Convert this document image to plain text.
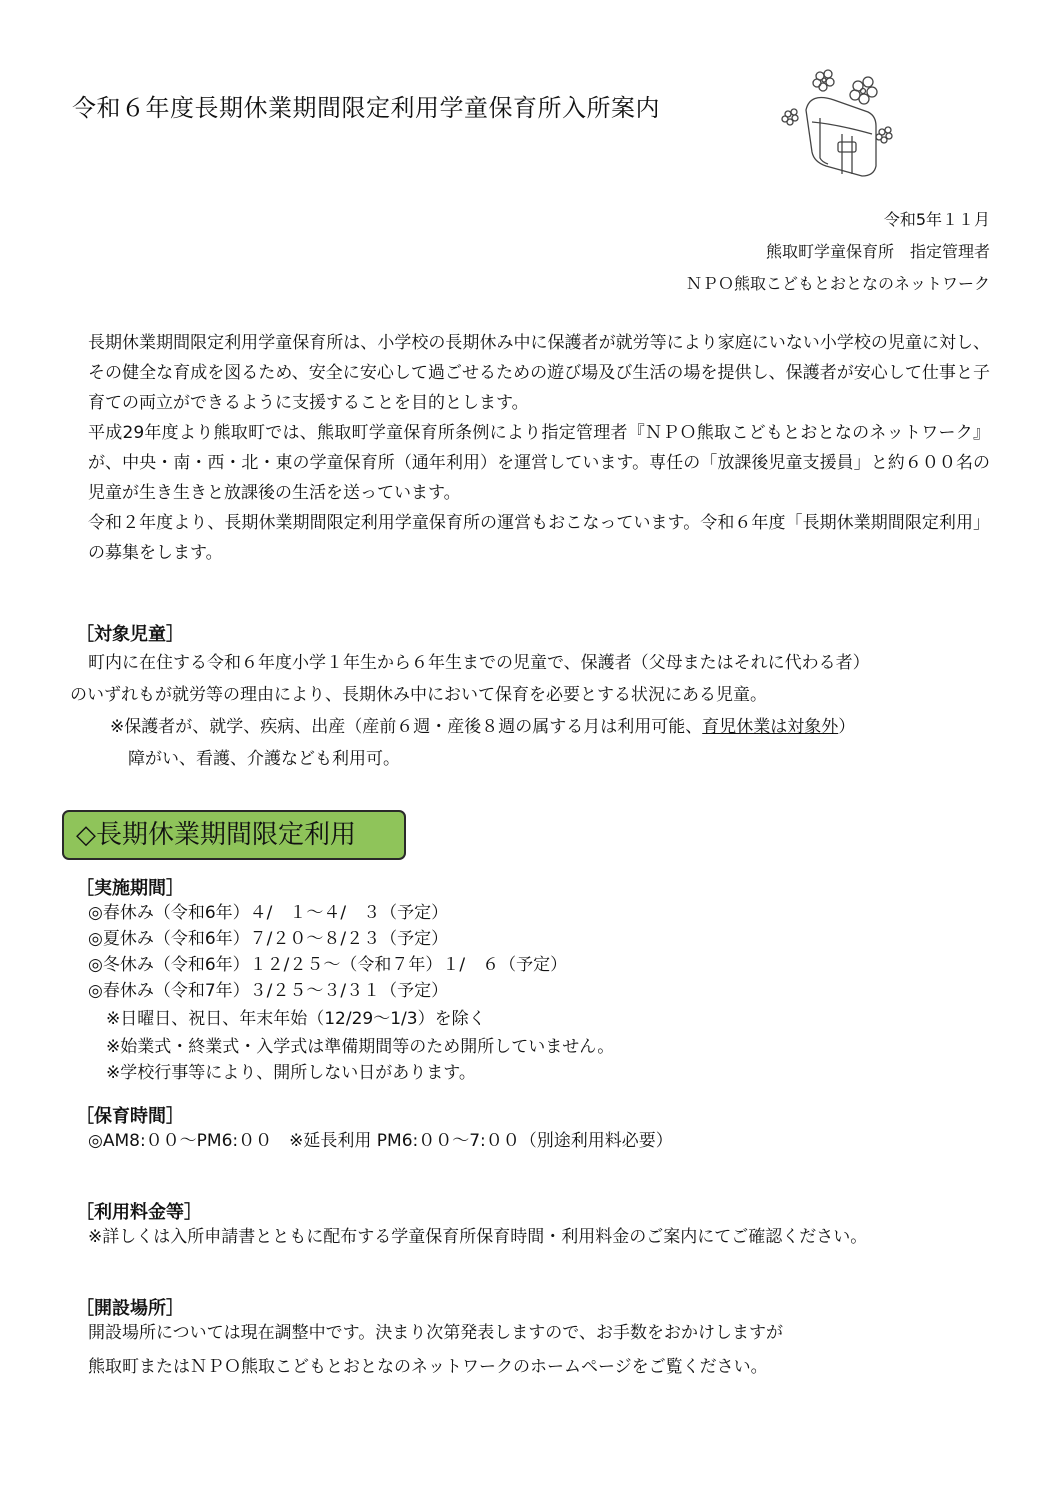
令和６年度長期休業期間限定利用学童保育所入所案内
令和5年１１月
熊取町学童保育所　指定管理者
ＮＰＯ熊取こどもとおとなのネットワーク
長期休業期間限定利用学童保育所は、小学校の長期休み中に保護者が就労等により家庭にいない小学校の児童に対し、その健全な育成を図るため、安全に安心して過ごせるための遊び場及び生活の場を提供し、保護者が安心して仕事と子育ての両立ができるように支援することを目的とします。
平成29年度より熊取町では、熊取町学童保育所条例により指定管理者『ＮＰＯ熊取こどもとおとなのネットワーク』が、中央・南・西・北・東の学童保育所（通年利用）を運営しています。専任の「放課後児童支援員」と約６００名の児童が生き生きと放課後の生活を送っています。
令和２年度より、長期休業期間限定利用学童保育所の運営もおこなっています。令和６年度「長期休業期間限定利用」の募集をします。
［対象児童］
町内に在住する令和６年度小学１年生から６年生までの児童で、保護者（父母またはそれに代わる者）
のいずれもが就労等の理由により、長期休み中において保育を必要とする状況にある児童。
※保護者が、就学、疾病、出産（産前６週・産後８週の属する月は利用可能、育児休業は対象外）
障がい、看護、介護なども利用可。
◇長期休業期間限定利用
［実施期間］
◎春休み（令和6年）４/　１～４/　３（予定）
◎夏休み（令和6年）７/２０～８/２３（予定）
◎冬休み（令和6年）１２/２５～（令和７年）１/　６（予定）
◎春休み（令和7年）３/２５～３/３１（予定）
※日曜日、祝日、年末年始（12/29～1/3）を除く
※始業式・終業式・入学式は準備期間等のため開所していません。
※学校行事等により、開所しない日があります。
［保育時間］
◎AM8:００～PM6:００　※延長利用 PM6:００～7:００（別途利用料必要）
［利用料金等］
※詳しくは入所申請書とともに配布する学童保育所保育時間・利用料金のご案内にてご確認ください。
［開設場所］
開設場所については現在調整中です。決まり次第発表しますので、お手数をおかけしますが
熊取町またはＮＰＯ熊取こどもとおとなのネットワークのホームページをご覧ください。
